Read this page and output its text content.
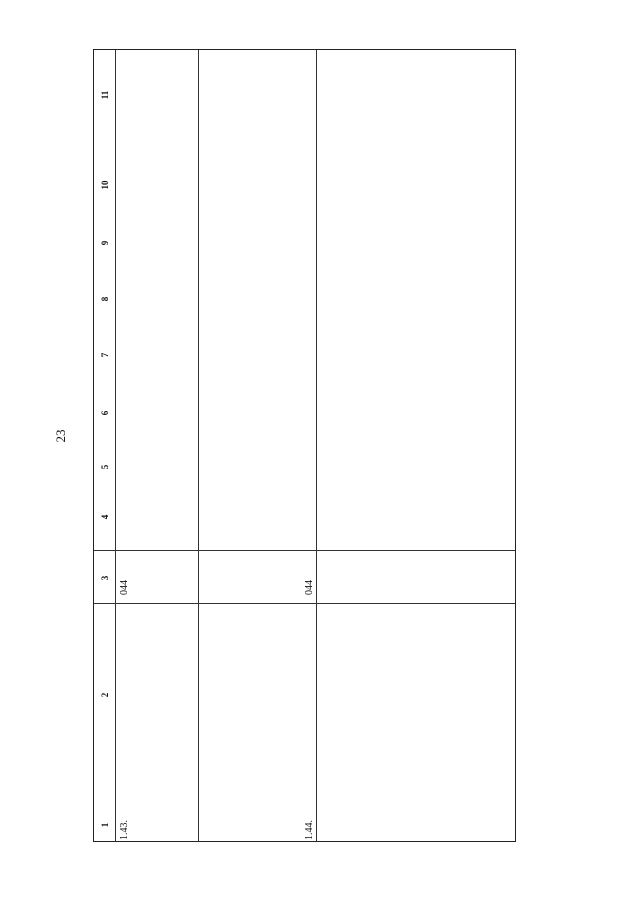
23
1
2
3
4
5
6
7
8
9
10
11
1.43.	1.44.
044	044
